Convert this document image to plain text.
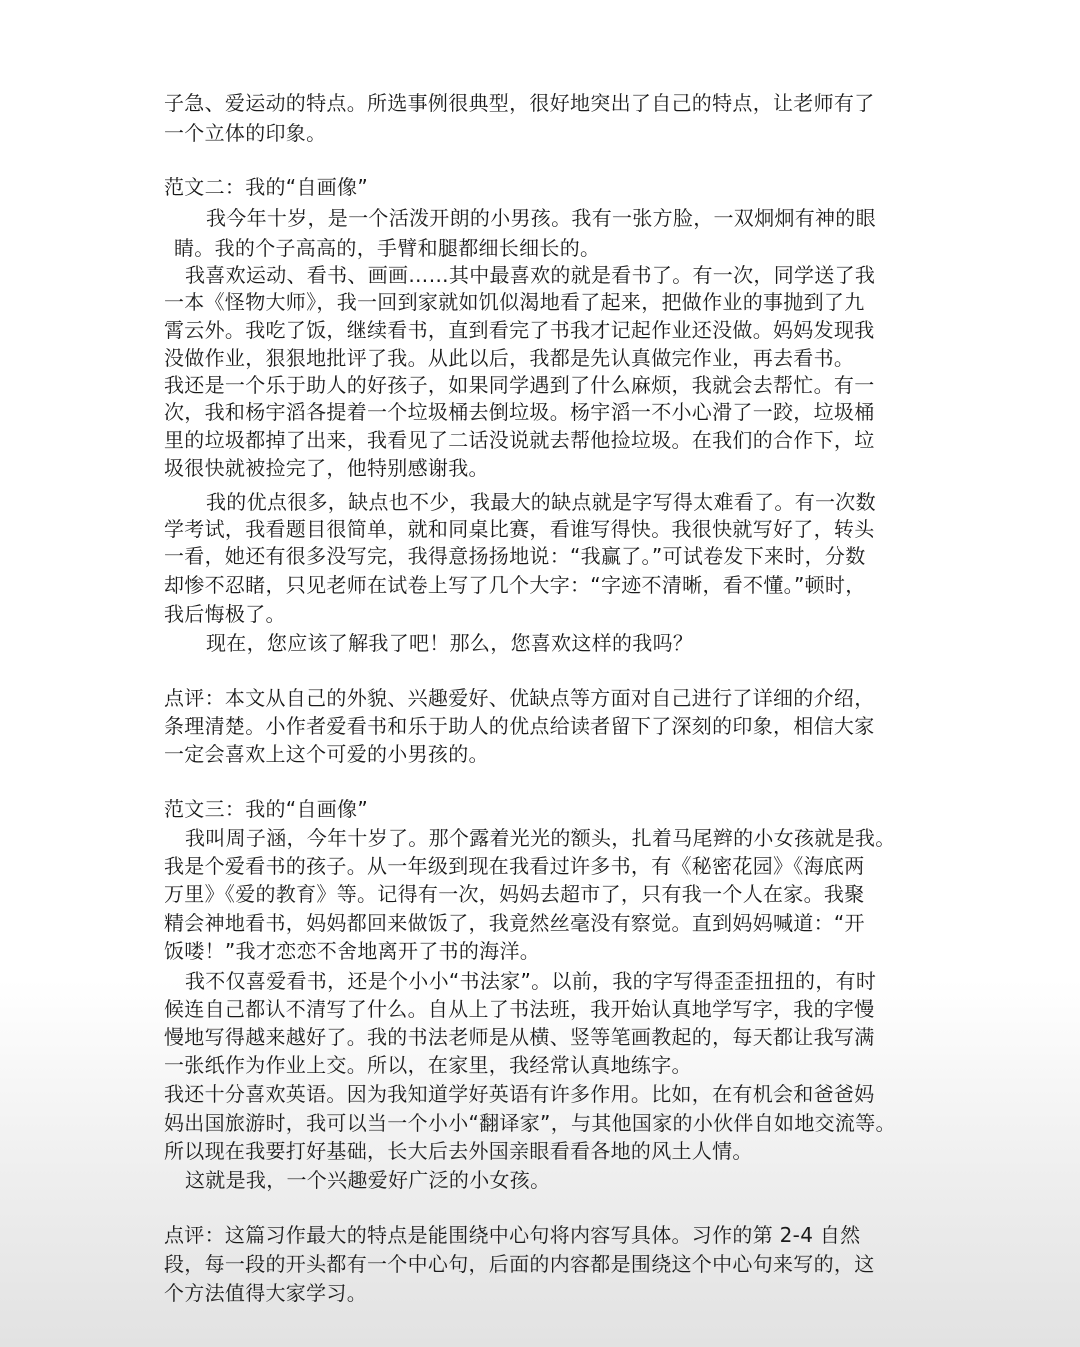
子急、爱运动的特点。所选事例很典型，很好地突出了自己的特点，让老师有了
一个立体的印象。
范文二：我的“自画像”
我今年十岁，是一个活泼开朗的小男孩。我有一张方脸，一双炯炯有神的眼
睛。我的个子高高的，手臂和腿都细长细长的。
我喜欢运动、看书、画画……其中最喜欢的就是看书了。有一次，同学送了我
一本《怪物大师》，我一回到家就如饥似渴地看了起来，把做作业的事抛到了九
霄云外。我吃了饭，继续看书，直到看完了书我才记起作业还没做。妈妈发现我
没做作业，狠狠地批评了我。从此以后，我都是先认真做完作业，再去看书。
我还是一个乐于助人的好孩子，如果同学遇到了什么麻烦，我就会去帮忙。有一
次，我和杨宇滔各提着一个垃圾桶去倒垃圾。杨宇滔一不小心滑了一跤，垃圾桶
里的垃圾都掉了出来，我看见了二话没说就去帮他捡垃圾。在我们的合作下，垃
圾很快就被捡完了，他特别感谢我。
我的优点很多，缺点也不少，我最大的缺点就是字写得太难看了。有一次数
学考试，我看题目很简单，就和同桌比赛，看谁写得快。我很快就写好了，转头
一看，她还有很多没写完，我得意扬扬地说：“我赢了。”可试卷发下来时，分数
却惨不忍睹，只见老师在试卷上写了几个大字：“字迹不清晰，看不懂。”顿时，
我后悔极了。
现在，您应该了解我了吧！那么，您喜欢这样的我吗？
点评：本文从自己的外貌、兴趣爱好、优缺点等方面对自己进行了详细的介绍，
条理清楚。小作者爱看书和乐于助人的优点给读者留下了深刻的印象，相信大家
一定会喜欢上这个可爱的小男孩的。
范文三：我的“自画像”
我叫周子涵，今年十岁了。那个露着光光的额头，扎着马尾辫的小女孩就是我。
我是个爱看书的孩子。从一年级到现在我看过许多书，有《秘密花园》《海底两
万里》《爱的教育》等。记得有一次，妈妈去超市了，只有我一个人在家。我聚
精会神地看书，妈妈都回来做饭了，我竟然丝毫没有察觉。直到妈妈喊道：“开
饭喽！”我才恋恋不舍地离开了书的海洋。
我不仅喜爱看书，还是个小小“书法家”。以前，我的字写得歪歪扭扭的，有时
候连自己都认不清写了什么。自从上了书法班，我开始认真地学写字，我的字慢
慢地写得越来越好了。我的书法老师是从横、竖等笔画教起的，每天都让我写满
一张纸作为作业上交。所以，在家里，我经常认真地练字。
我还十分喜欢英语。因为我知道学好英语有许多作用。比如，在有机会和爸爸妈
妈出国旅游时，我可以当一个小小“翻译家”，与其他国家的小伙伴自如地交流等。
所以现在我要打好基础，长大后去外国亲眼看看各地的风土人情。
这就是我，一个兴趣爱好广泛的小女孩。
点评：这篇习作最大的特点是能围绕中心句将内容写具体。习作的第 2-4 自然
段，每一段的开头都有一个中心句，后面的内容都是围绕这个中心句来写的，这
个方法值得大家学习。
